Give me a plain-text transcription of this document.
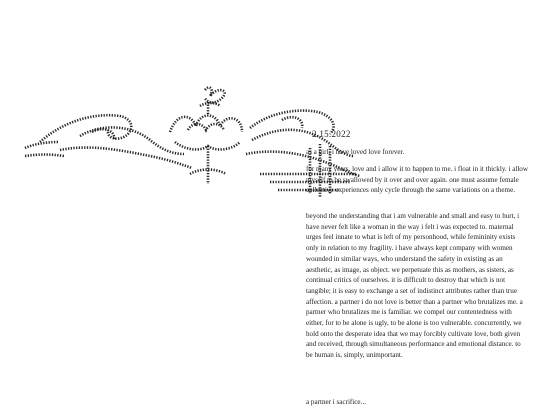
2.15.2022

as a girl, i have loved love forever.

for many years, love and i allow it to happen to me. i float in it thickly. i allow myself to be swallowed by it over and over again. one must assume female collective experiences only cycle through the same variations on a theme.

beyond the understanding that i am vulnerable and small and easy to hurt, i have never felt like a woman in the way i felt i was expected to. maternal urges feel innate to what is left of my personhood, while femininity exists only in relation to my fragility. i have always kept company with women wounded in similar ways, who understand the safety in existing as an aesthetic, as image, as object. we perpetuate this as mothers, as sisters, as continual critics of ourselves. it is difficult to destroy that which is not tangible; it is easy to exchange a set of indistinct attributes rather than true affection. a partner i do not love is better than a partner who brutalizes me. a partner who brutalizes me is familiar. we compel our contentedness with either, for to be alone is ugly, to be alone is too vulnerable. concurrently, we hold onto the desperate idea that we may forcibly cultivate love, both given and received, through simultaneous performance and emotional distance. to be human is, simply, unimportant.

a partner i sacrifice...
